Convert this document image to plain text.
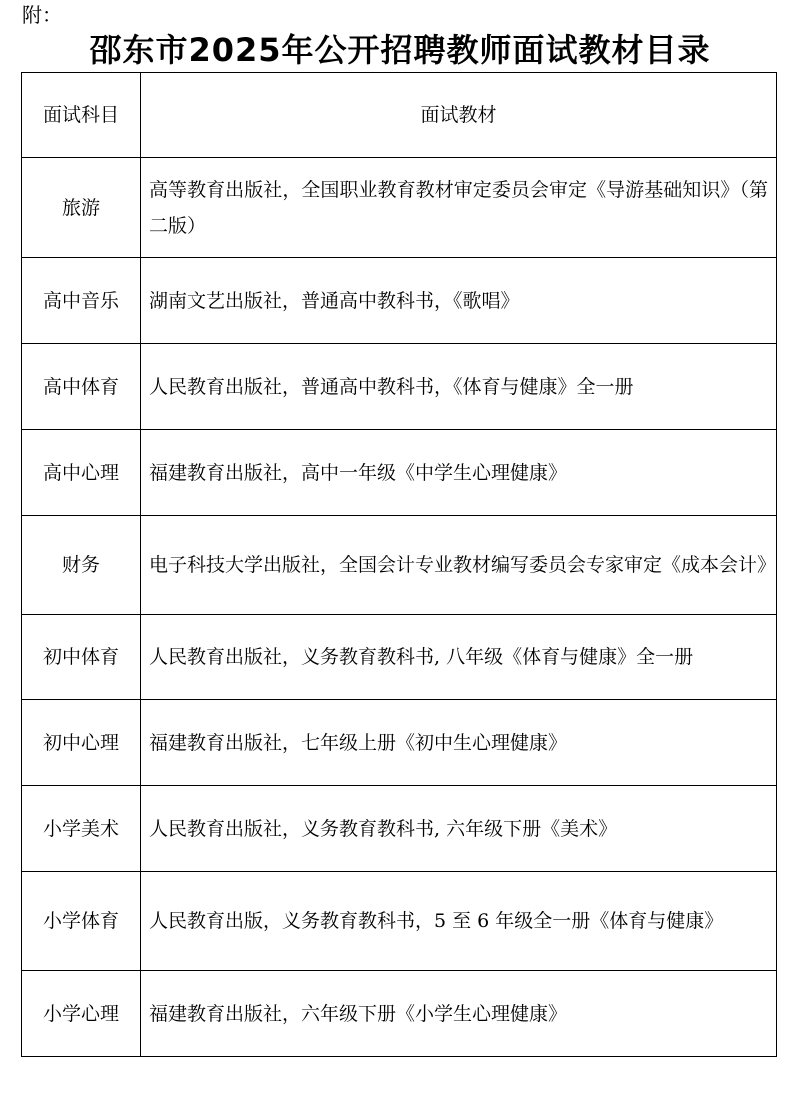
附：
邵东市2025年公开招聘教师面试教材目录
面试科目	面试教材
旅游	高等教育出版社，全国职业教育教材审定委员会审定《导游基础知识》（第二版）
高中音乐	湖南文艺出版社，普通高中教科书，《歌唱》
高中体育	人民教育出版社，普通高中教科书，《体育与健康》全一册
高中心理	福建教育出版社，高中一年级《中学生心理健康》
财务	电子科技大学出版社，全国会计专业教材编写委员会专家审定《成本会计》
初中体育	人民教育出版社，义务教育教科书, 八年级《体育与健康》全一册
初中心理	福建教育出版社，七年级上册《初中生心理健康》
小学美术	人民教育出版社，义务教育教科书, 六年级下册《美术》
小学体育	人民教育出版，义务教育教科书，5 至 6 年级全一册《体育与健康》
小学心理	福建教育出版社，六年级下册《小学生心理健康》
